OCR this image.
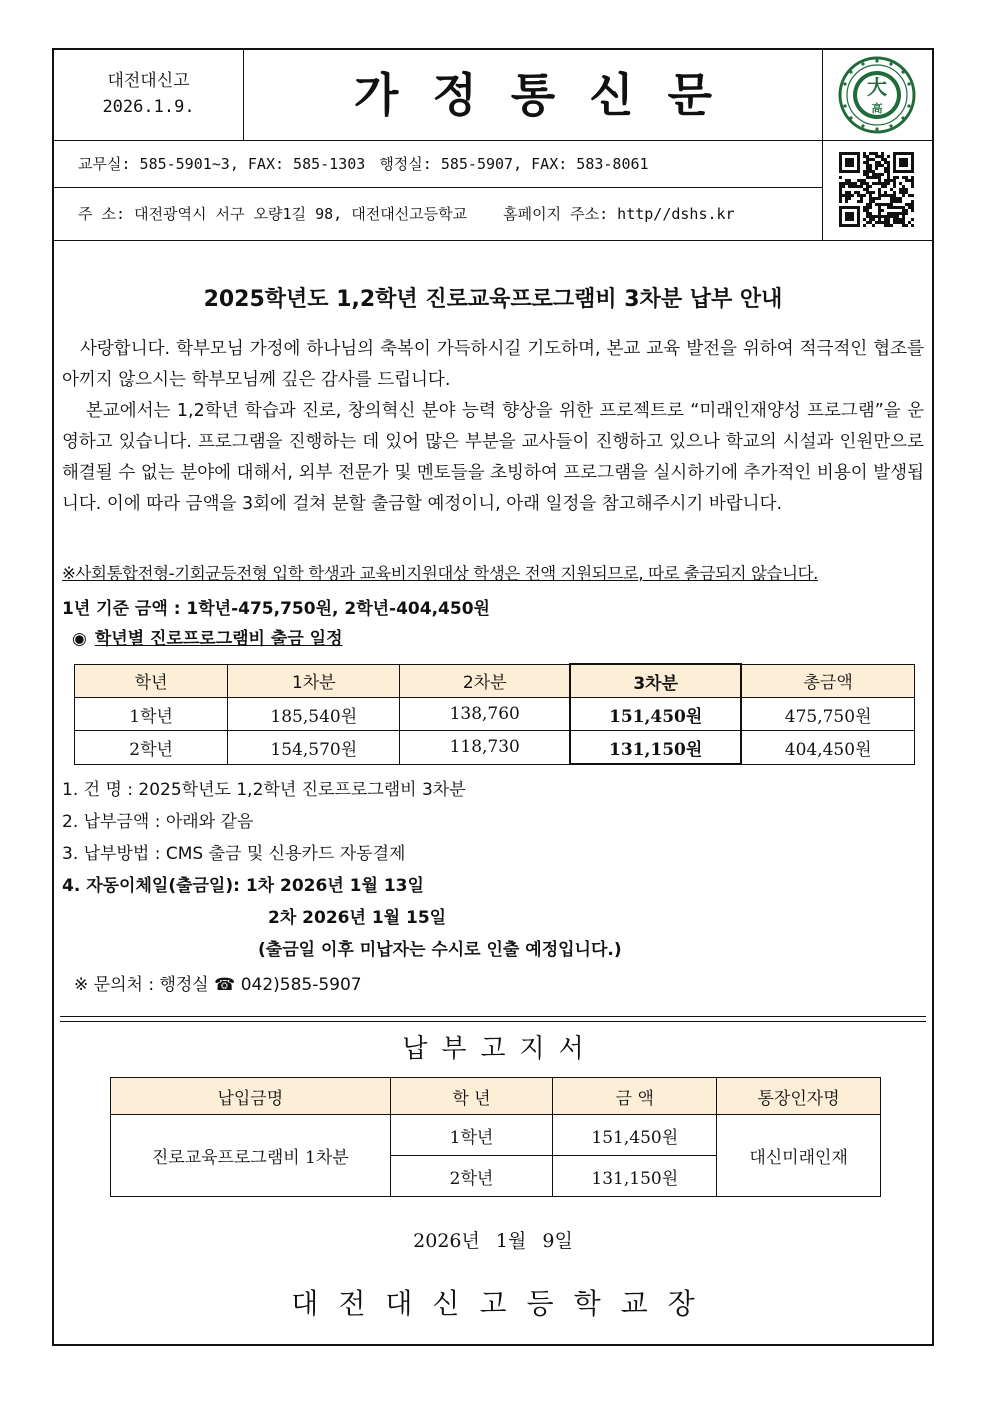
대전대신고
2026.1.9.	가정통신문	大
高
교무실: 585-5901~3, FAX: 585-1303 행정실: 585-5907, FAX: 583-8061
주 소: 대전광역시 서구 오량1길 98, 대전대신고등학교 홈페이지 주소: http//dshs.kr
2025학년도 1,2학년 진로교육프로그램비 3차분 납부 안내
사랑합니다. 학부모님 가정에 하나님의 축복이 가득하시길 기도하며, 본교 교육 발전을 위하여 적극적인 협조를 아끼지 않으시는 학부모님께 깊은 감사를 드립니다.
본교에서는 1,2학년 학습과 진로, 창의혁신 분야 능력 향상을 위한 프로젝트로 “미래인재양성 프로그램”을 운영하고 있습니다. 프로그램을 진행하는 데 있어 많은 부분을 교사들이 진행하고 있으나 학교의 시설과 인원만으로 해결될 수 없는 분야에 대해서, 외부 전문가 및 멘토들을 초빙하여 프로그램을 실시하기에 추가적인 비용이 발생됩니다. 이에 따라 금액을 3회에 걸쳐 분할 출금할 예정이니, 아래 일정을 참고해주시기 바랍니다.
※사회통합전형-기회균등전형 입학 학생과 교육비지원대상 학생은 전액 지원되므로, 따로 출금되지 않습니다.
1년 기준 금액 : 1학년-475,750원, 2학년-404,450원
◉ 학년별 진로프로그램비 출금 일정
학년	1차분	2차분	3차분	총금액
1학년	185,540원	138,760	151,450원	475,750원
2학년	154,570원	118,730	131,150원	404,450원
1. 건 명 : 2025학년도 1,2학년 진로프로그램비 3차분
2. 납부금액 : 아래와 같음
3. 납부방법 : CMS 출금 및 신용카드 자동결제
4. 자동이체일(출금일): 1차 2026년 1월 13일
2차 2026년 1월 15일
(출금일 이후 미납자는 수시로 인출 예정입니다.)
※ 문의처 : 행정실 ☎ 042)585-5907
납부고지서
납입금명	학 년	금 액	통장인자명
진로교육프로그램비 1차분	1학년	151,450원	대신미래인재
	2학년	131,150원	
2026년 1월 9일
대전대신고등학교장
